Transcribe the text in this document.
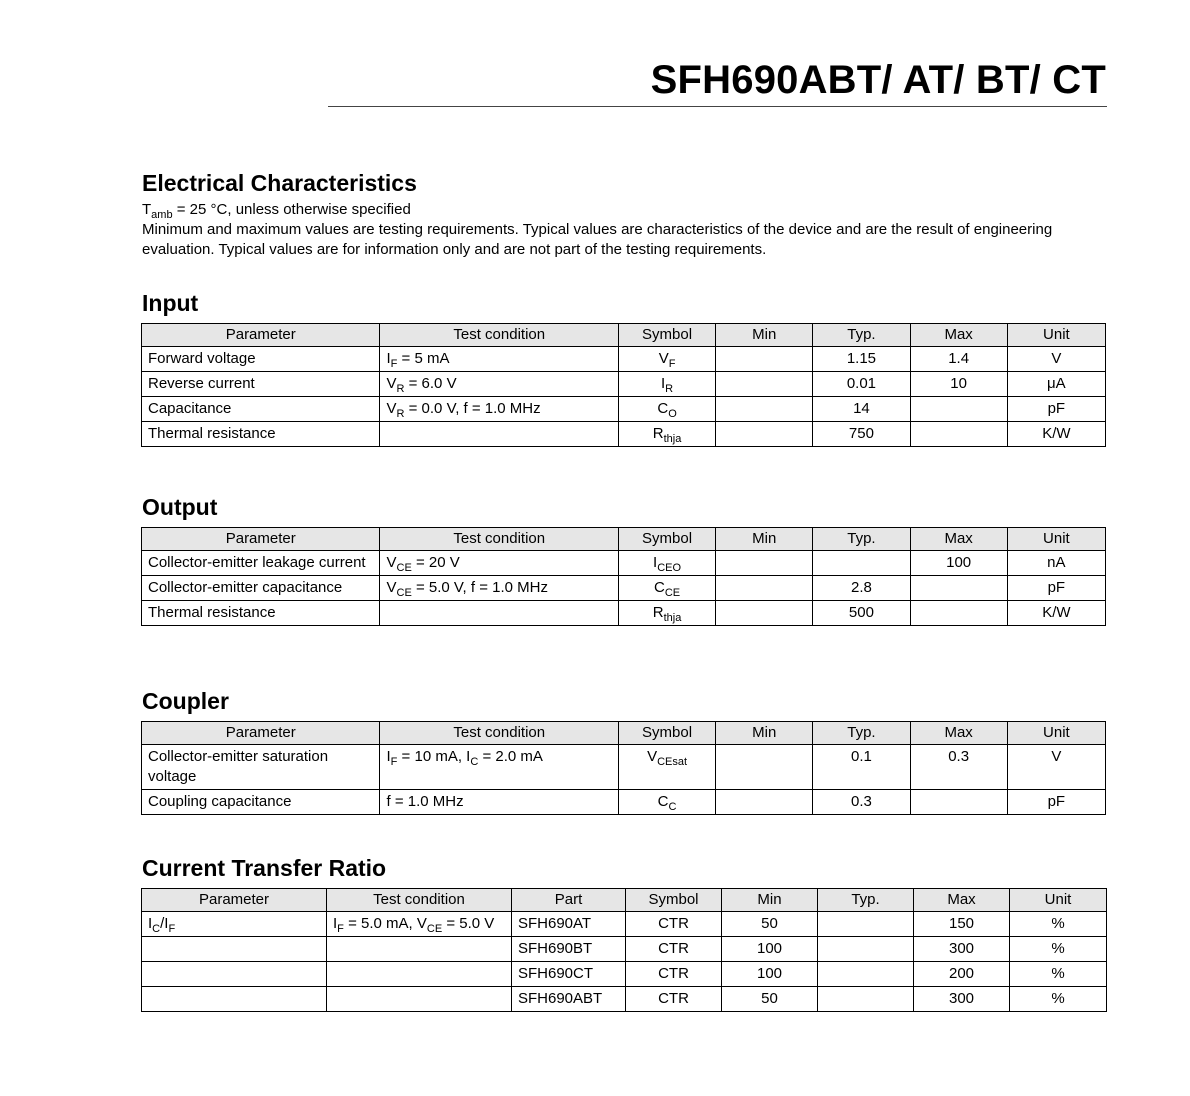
SFH690ABT/ AT/ BT/ CT
Electrical Characteristics
$T_{amb} = 25$ °C, unless otherwise specified
Minimum and maximum values are testing requirements. Typical values are characteristics of the device and are the result of engineering evaluation. Typical values are for information only and are not part of the testing requirements.
Input
Parameter	Test condition	Symbol	Min	Typ.	Max	Unit
Forward voltage	$I_F = 5$ mA	$V_F$		1.15	1.4	V
Reverse current	$V_R = 6.0$ V	$I_R$		0.01	10	μA
Capacitance	$V_R = 0.0$ V, f = 1.0 MHz	$C_O$		14		pF
Thermal resistance		$R_{thja}$		750		K/W
Output
Parameter	Test condition	Symbol	Min	Typ.	Max	Unit
Collector-emitter leakage current	$V_{CE} = 20$ V	$I_{CEO}$			100	nA
Collector-emitter capacitance	$V_{CE} = 5.0$ V, f = 1.0 MHz	$C_{CE}$		2.8		pF
Thermal resistance		$R_{thja}$		500		K/W
Coupler
Parameter	Test condition	Symbol	Min	Typ.	Max	Unit
Collector-emitter saturation voltage	$I_F = 10$ mA, $I_C = 2.0$ mA	$V_{CEsat}$		0.1	0.3	V
Coupling capacitance	f = 1.0 MHz	$C_C$		0.3		pF
Current Transfer Ratio
Parameter	Test condition	Part	Symbol	Min	Typ.	Max	Unit
$I_C/I_F$	$I_F = 5.0$ mA, $V_{CE} = 5.0$ V	SFH690AT	CTR	50		150	%
		SFH690BT	CTR	100		300	%
		SFH690CT	CTR	100		200	%
		SFH690ABT	CTR	50		300	%
